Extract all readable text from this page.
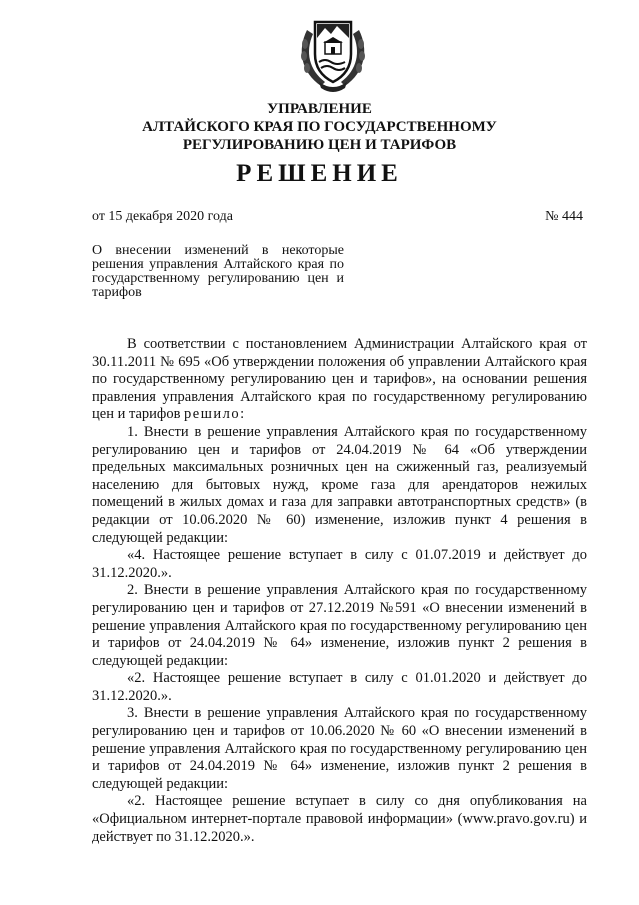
УПРАВЛЕНИЕ
АЛТАЙСКОГО КРАЯ ПО ГОСУДАРСТВЕННОМУ
РЕГУЛИРОВАНИЮ ЦЕН И ТАРИФОВ
РЕШЕНИЕ
от 15 декабря 2020 года	№ 444
О внесении изменений в некоторые решения управления Алтайского края по государственному регулированию цен и тарифов

В соответствии с постановлением Администрации Алтайского края от 30.11.2011 № 695 «Об утверждении положения об управлении Алтайского края по государственному регулированию цен и тарифов», на основании решения правления управления Алтайского края по государственному регулированию цен и тарифов решило:

1. Внести в решение управления Алтайского края по государственному регулированию цен и тарифов от 24.04.2019 № 64 «Об утверждении предельных максимальных розничных цен на сжиженный газ, реализуемый населению для бытовых нужд, кроме газа для арендаторов нежилых помещений в жилых домах и газа для заправки автотранспортных средств» (в редакции от 10.06.2020 № 60) изменение, изложив пункт 4 решения в следующей редакции:

«4. Настоящее решение вступает в силу с 01.07.2019 и действует до 31.12.2020.».

2. Внести в решение управления Алтайского края по государственному регулированию цен и тарифов от 27.12.2019 №591 «О внесении изменений в решение управления Алтайского края по государственному регулированию цен и тарифов от 24.04.2019 № 64» изменение, изложив пункт 2 решения в следующей редакции:

«2. Настоящее решение вступает в силу с 01.01.2020 и действует до 31.12.2020.».

3. Внести в решение управления Алтайского края по государственному регулированию цен и тарифов от 10.06.2020 № 60 «О внесении изменений в решение управления Алтайского края по государственному регулированию цен и тарифов от 24.04.2019 № 64» изменение, изложив пункт 2 решения в следующей редакции:

«2. Настоящее решение вступает в силу со дня опубликования на «Официальном интернет-портале правовой информации» (www.pravo.gov.ru) и действует по 31.12.2020.».
